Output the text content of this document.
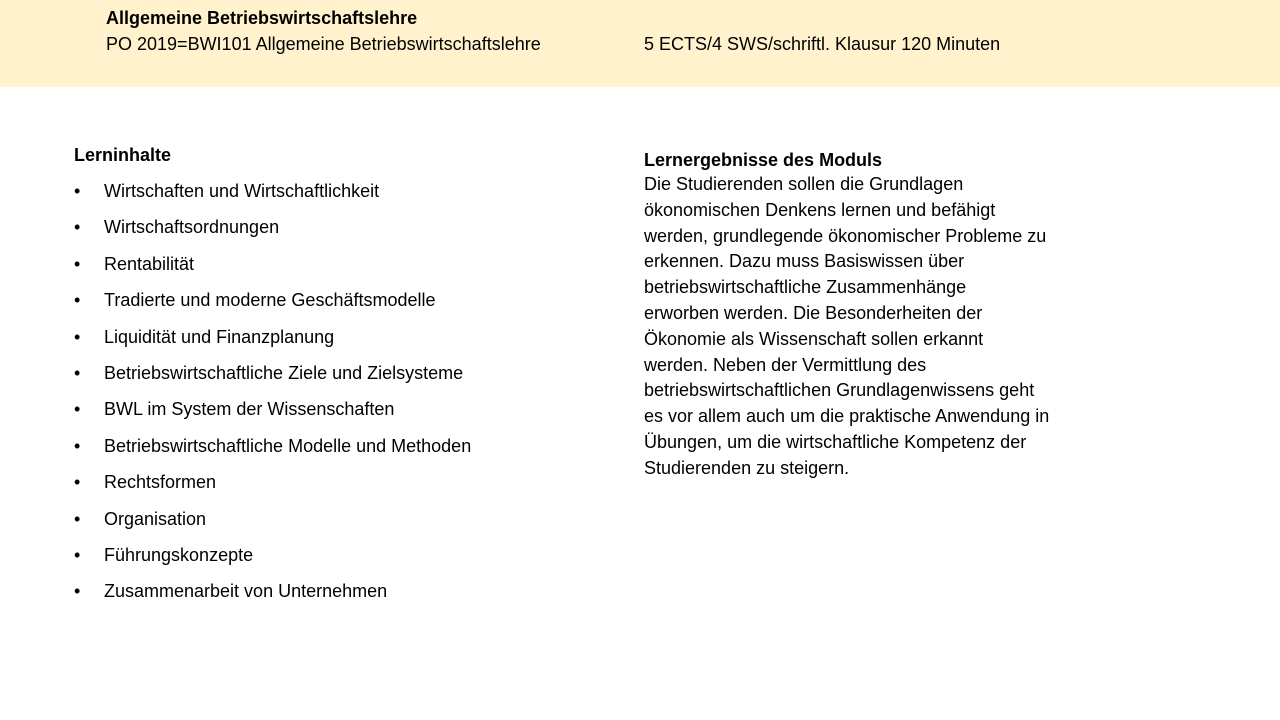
Allgemeine Betriebswirtschaftslehre
PO 2019=BWI101 Allgemeine Betriebswirtschaftslehre	5 ECTS/4 SWS/schriftl. Klausur 120 Minuten
Lerninhalte
•	Wirtschaften und Wirtschaftlichkeit
•	Wirtschaftsordnungen
•	Rentabilität
•	Tradierte und moderne Geschäftsmodelle
•	Liquidität und Finanzplanung
•	Betriebswirtschaftliche Ziele und Zielsysteme
•	BWL im System der Wissenschaften
•	Betriebswirtschaftliche Modelle und Methoden
•	Rechtsformen
•	Organisation
•	Führungskonzepte
•	Zusammenarbeit von Unternehmen
Lernergebnisse des Moduls

Die Studierenden sollen die Grundlagen
ökonomischen Denkens lernen und befähigt
werden, grundlegende ökonomischer Probleme zu
erkennen. Dazu muss Basiswissen über
betriebswirtschaftliche Zusammenhänge
erworben werden. Die Besonderheiten der
Ökonomie als Wissenschaft sollen erkannt
werden. Neben der Vermittlung des
betriebswirtschaftlichen Grundlagenwissens geht
es vor allem auch um die praktische Anwendung in
Übungen, um die wirtschaftliche Kompetenz der
Studierenden zu steigern.
